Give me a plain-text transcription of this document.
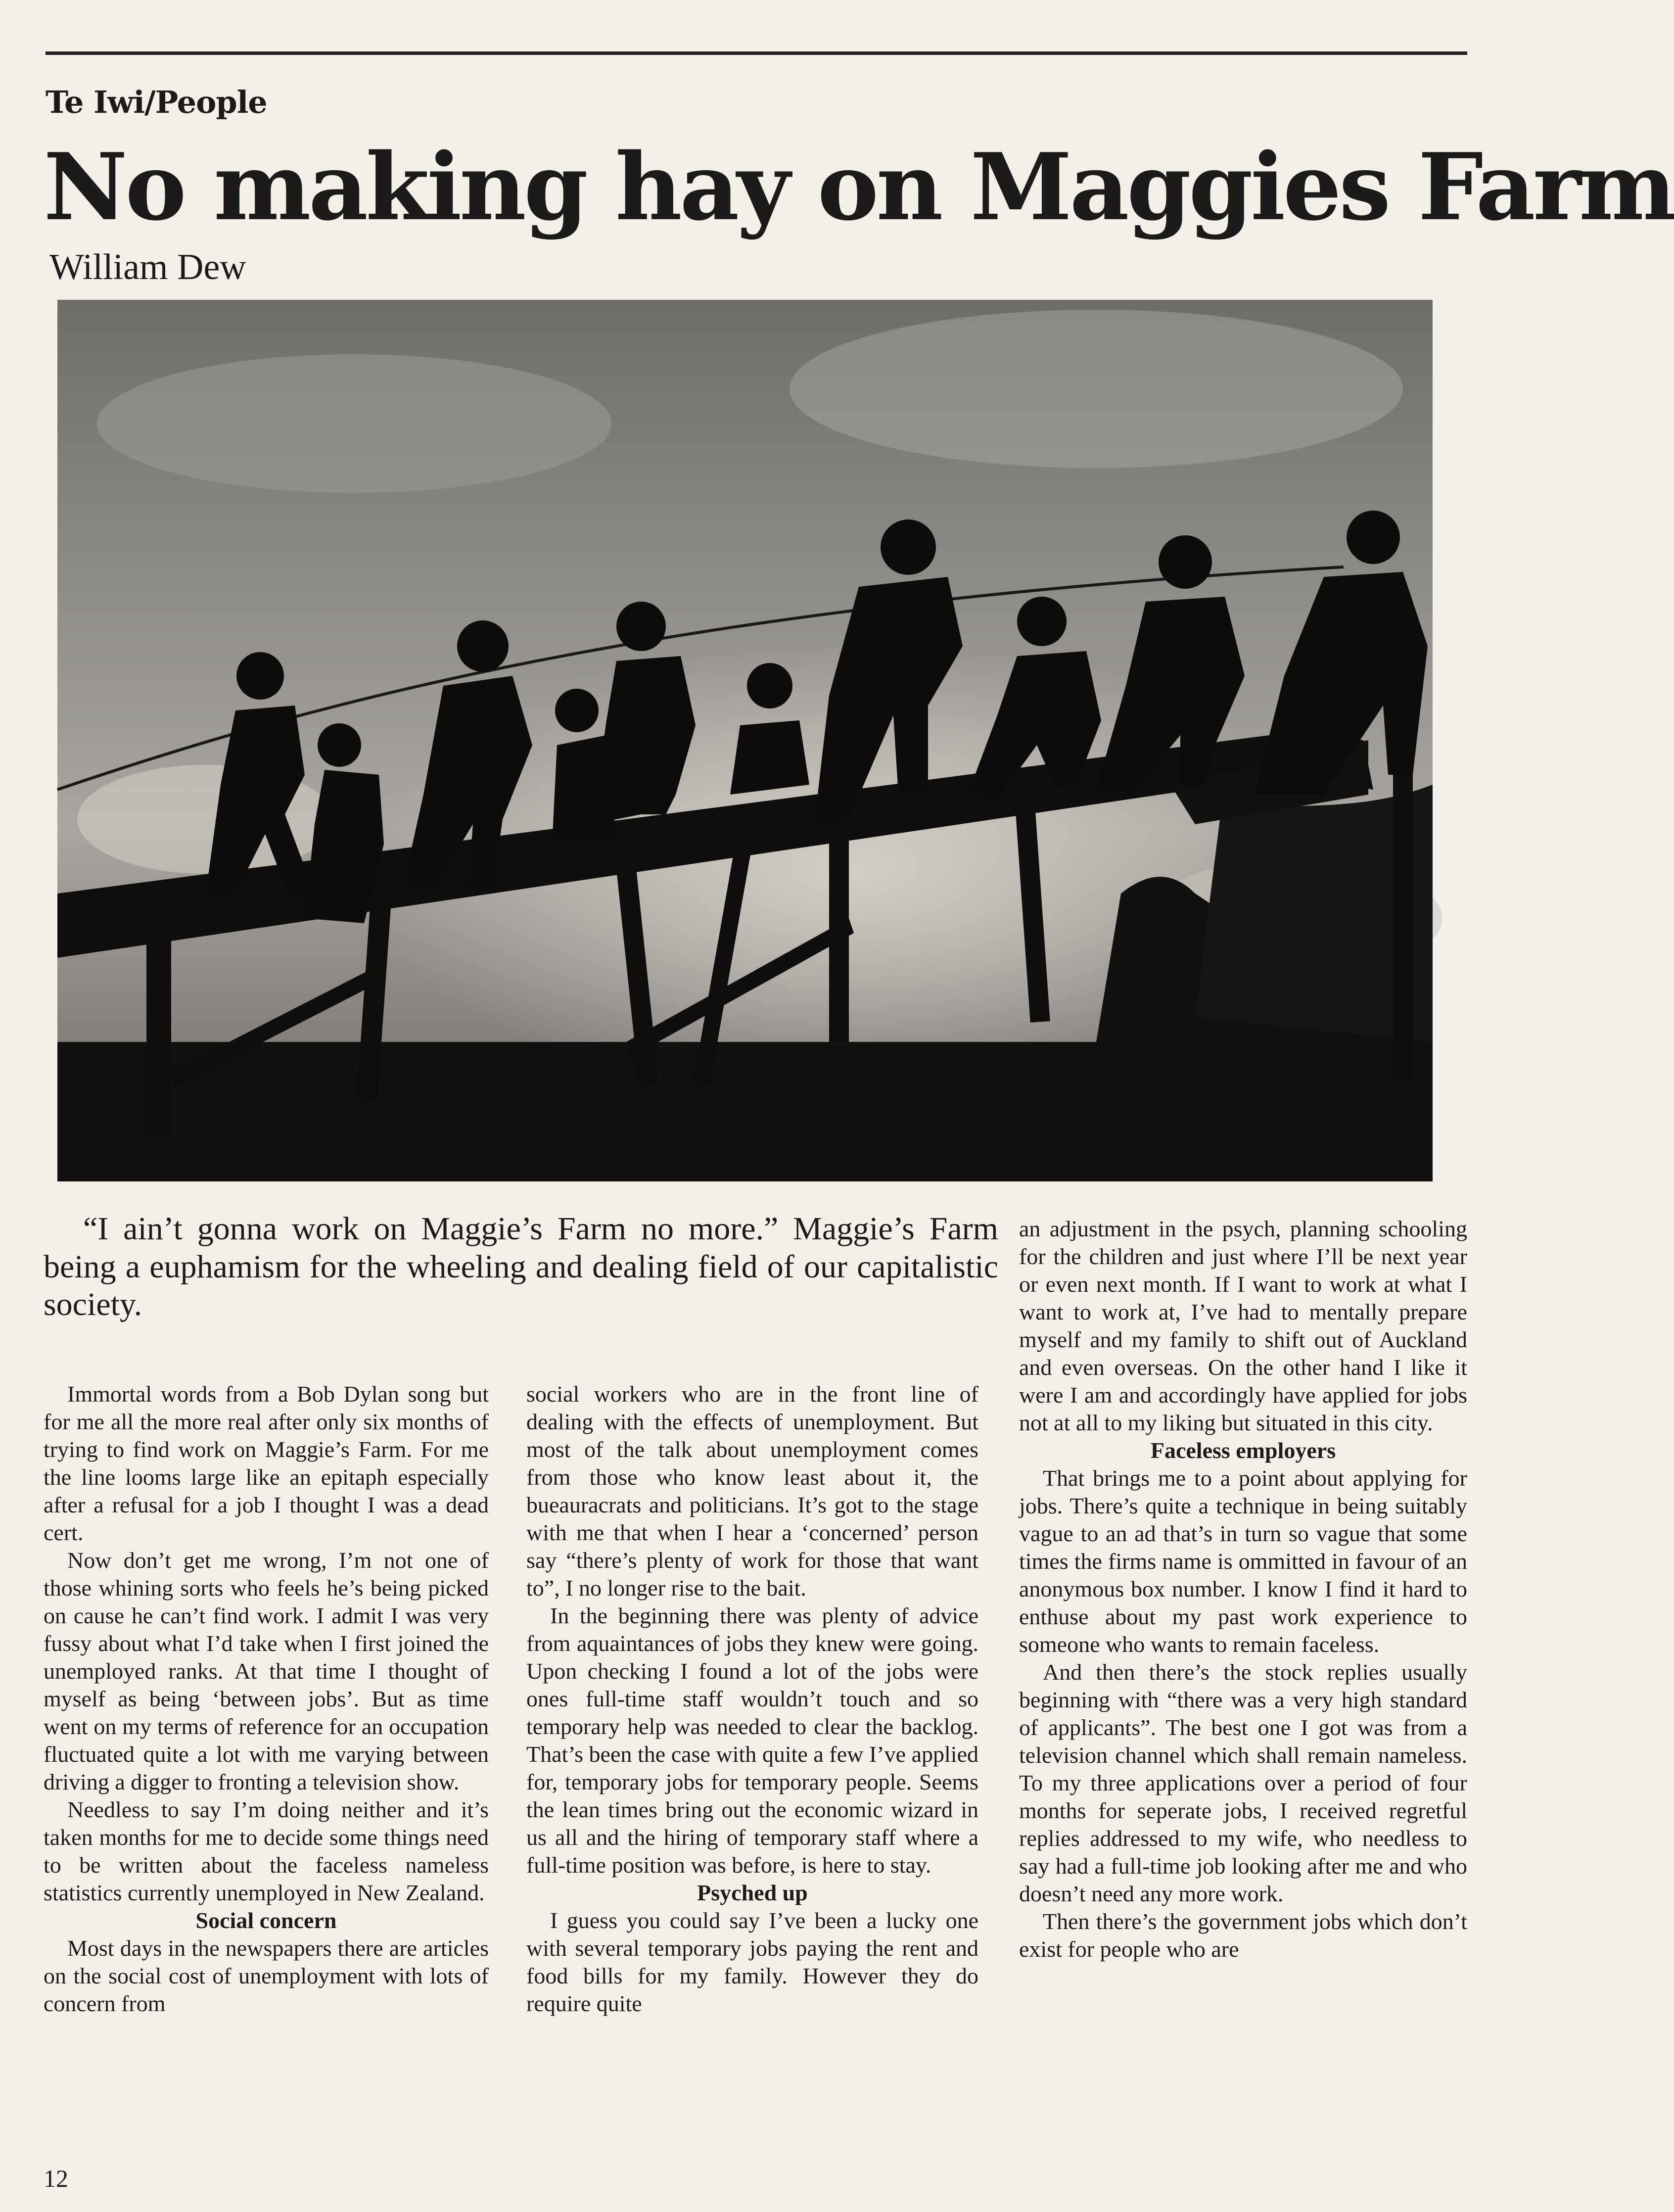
Te Iwi/People
No making hay on Maggies Farm
William Dew
“I ain’t gonna work on Maggie’s Farm no more.” Maggie’s Farm being a euphamism for the wheeling and dealing field of our capitalistic society.

Immortal words from a Bob Dylan song but for me all the more real after only six months of trying to find work on Maggie’s Farm. For me the line looms large like an epitaph especially after a refusal for a job I thought I was a dead cert.

Now don’t get me wrong, I’m not one of those whining sorts who feels he’s being picked on cause he can’t find work. I admit I was very fussy about what I’d take when I first joined the unemployed ranks. At that time I thought of myself as being ‘between jobs’. But as time went on my terms of reference for an occupation fluctuated quite a lot with me varying between driving a digger to fronting a television show.

Needless to say I’m doing neither and it’s taken months for me to decide some things need to be written about the faceless nameless statistics currently unemployed in New Zealand.

Social concern

Most days in the newspapers there are articles on the social cost of unemployment with lots of concern from

social workers who are in the front line of dealing with the effects of unemployment. But most of the talk about unemployment comes from those who know least about it, the bueauracrats and politicians. It’s got to the stage with me that when I hear a ‘concerned’ person say “there’s plenty of work for those that want to”, I no longer rise to the bait.

In the beginning there was plenty of advice from aquaintances of jobs they knew were going. Upon checking I found a lot of the jobs were ones full-time staff wouldn’t touch and so temporary help was needed to clear the backlog. That’s been the case with quite a few I’ve applied for, temporary jobs for temporary people. Seems the lean times bring out the economic wizard in us all and the hiring of temporary staff where a full-time position was before, is here to stay.

Psyched up

I guess you could say I’ve been a lucky one with several temporary jobs paying the rent and food bills for my family. However they do require quite

an adjustment in the psych, planning schooling for the children and just where I’ll be next year or even next month. If I want to work at what I want to work at, I’ve had to mentally prepare myself and my family to shift out of Auckland and even overseas. On the other hand I like it were I am and accordingly have applied for jobs not at all to my liking but situated in this city.

Faceless employers

That brings me to a point about applying for jobs. There’s quite a technique in being suitably vague to an ad that’s in turn so vague that some times the firms name is ommitted in favour of an anonymous box number. I know I find it hard to enthuse about my past work experience to someone who wants to remain faceless.

And then there’s the stock replies usually beginning with “there was a very high standard of applicants”. The best one I got was from a television channel which shall remain nameless. To my three applications over a period of four months for seperate jobs, I received regretful replies addressed to my wife, who needless to say had a full-time job looking after me and who doesn’t need any more work.

Then there’s the government jobs which don’t exist for people who are

12
